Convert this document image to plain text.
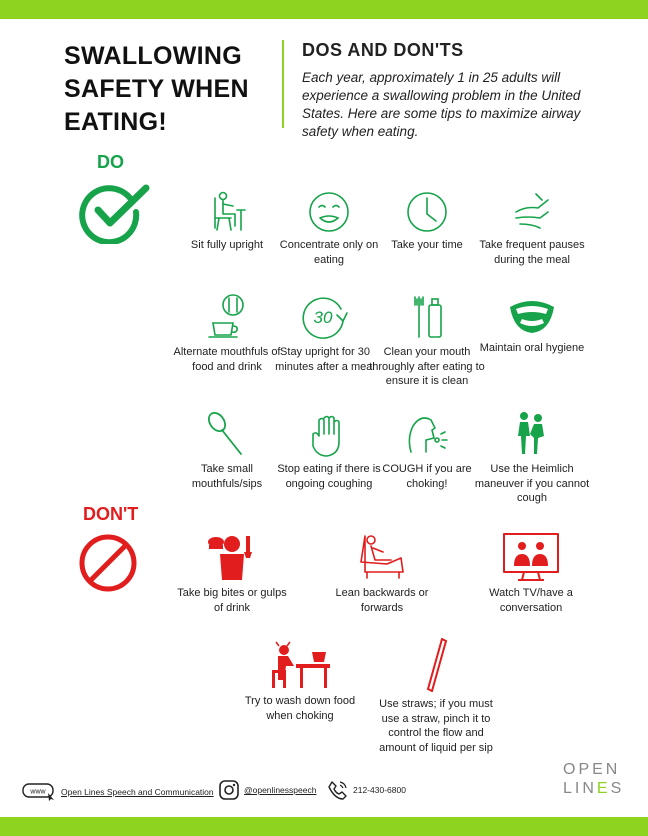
SWALLOWING SAFETY WHEN EATING!
DOS AND DON'TS

Each year, approximately 1 in 25 adults will experience a swallowing problem in the United States. Here are some tips to maximize airway safety when eating.

DO
DON'T
Sit fully upright	Concentrate only on eating
Take your time	Take frequent pauses during the meal
Alternate mouthfuls of food and drink
30
Stay upright for 30 minutes after a meal
Clean your mouth throughly after eating to ensure it is clean
Maintain oral hygiene
Take small mouthfuls/sips
Stop eating if there is ongoing coughing
COUGH if you are choking!
Use the Heimlich maneuver if you cannot cough
Take big bites or gulps of drink
Lean backwards or forwards
Watch TV/have a conversation
Try to wash down food when choking
Use straws; if you must use a straw, pinch it to control the flow and amount of liquid per sip
www Open Lines Speech and Communication	@openlinesspeech	212-430-6800
OPEN
LINES
